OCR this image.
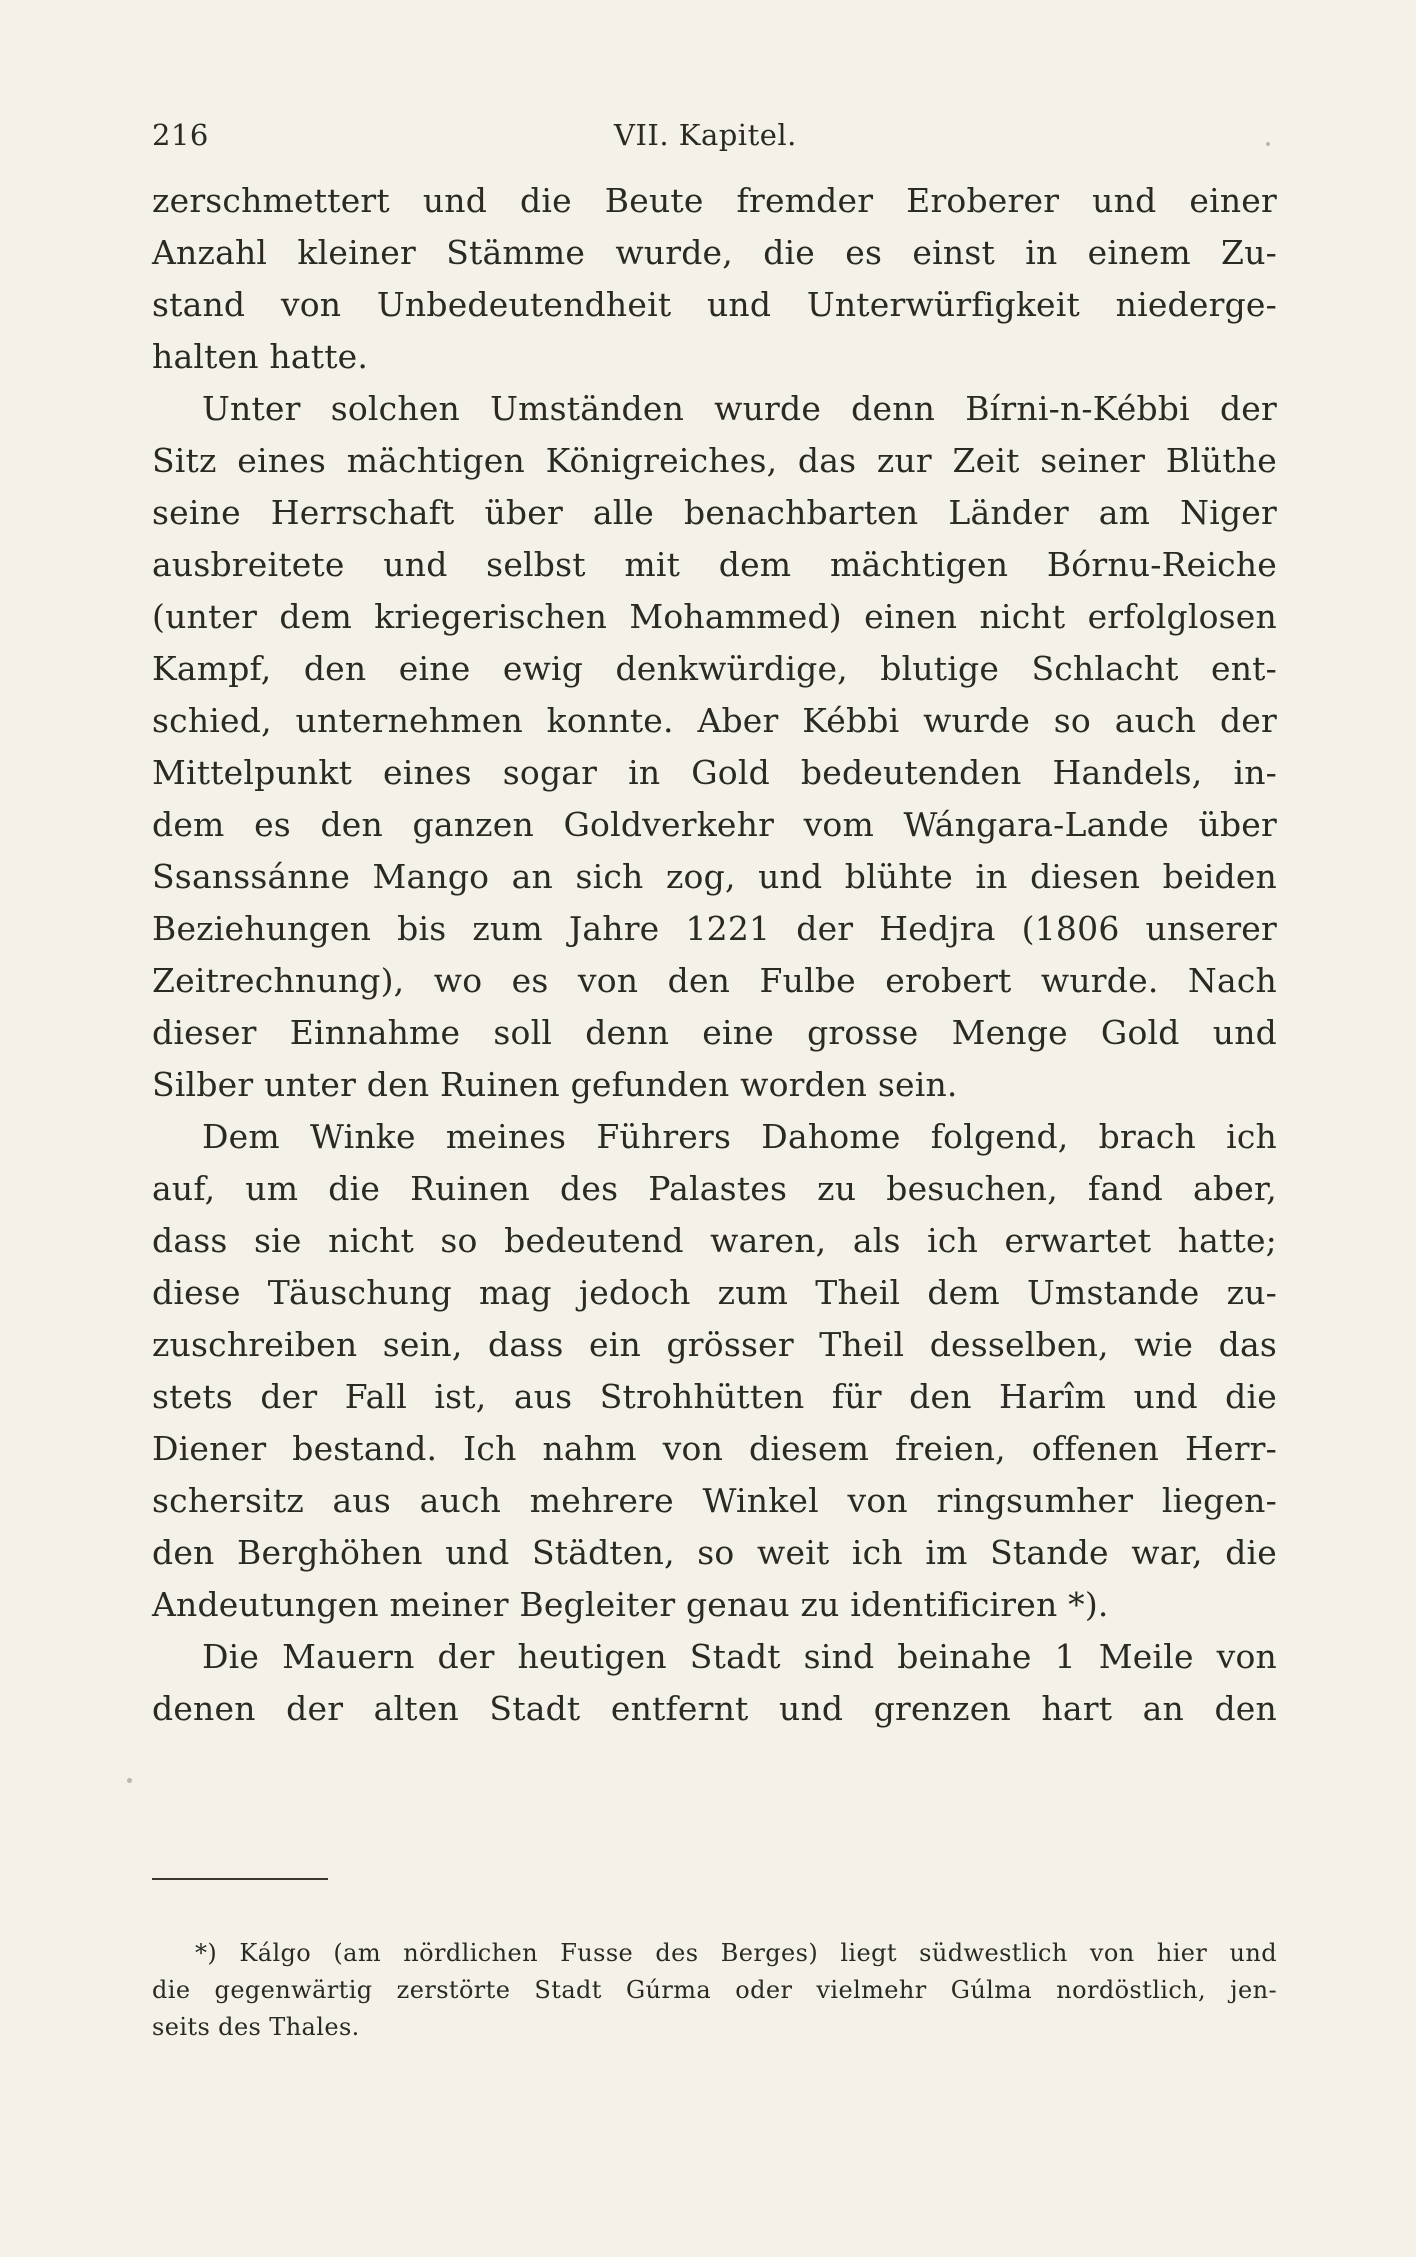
216	VII. Kapitel.
zerschmettert und die Beute fremder Eroberer und einer
Anzahl kleiner Stämme wurde, die es einst in einem Zu-
stand von Unbedeutendheit und Unterwürfigkeit niederge-
halten hatte.
Unter solchen Umständen wurde denn Bírni-n-Kébbi der
Sitz eines mächtigen Königreiches, das zur Zeit seiner Blüthe
seine Herrschaft über alle benachbarten Länder am Niger
ausbreitete und selbst mit dem mächtigen Bórnu-Reiche
(unter dem kriegerischen Mohammed) einen nicht erfolglosen
Kampf, den eine ewig denkwürdige, blutige Schlacht ent-
schied, unternehmen konnte. Aber Kébbi wurde so auch der
Mittelpunkt eines sogar in Gold bedeutenden Handels, in-
dem es den ganzen Goldverkehr vom Wángara-Lande über
Ssanssánne Mango an sich zog, und blühte in diesen beiden
Beziehungen bis zum Jahre 1221 der Hedjra (1806 unserer
Zeitrechnung), wo es von den Fulbe erobert wurde. Nach
dieser Einnahme soll denn eine grosse Menge Gold und
Silber unter den Ruinen gefunden worden sein.
Dem Winke meines Führers Dahome folgend, brach ich
auf, um die Ruinen des Palastes zu besuchen, fand aber,
dass sie nicht so bedeutend waren, als ich erwartet hatte;
diese Täuschung mag jedoch zum Theil dem Umstande zu-
zuschreiben sein, dass ein grösser Theil desselben, wie das
stets der Fall ist, aus Strohhütten für den Harîm und die
Diener bestand. Ich nahm von diesem freien, offenen Herr-
schersitz aus auch mehrere Winkel von ringsumher liegen-
den Berghöhen und Städten, so weit ich im Stande war, die
Andeutungen meiner Begleiter genau zu identificiren *).
Die Mauern der heutigen Stadt sind beinahe 1 Meile von
denen der alten Stadt entfernt und grenzen hart an den
*) Kálgo (am nördlichen Fusse des Berges) liegt südwestlich von hier und
die gegenwärtig zerstörte Stadt Gúrma oder vielmehr Gúlma nordöstlich, jen-
seits des Thales.
